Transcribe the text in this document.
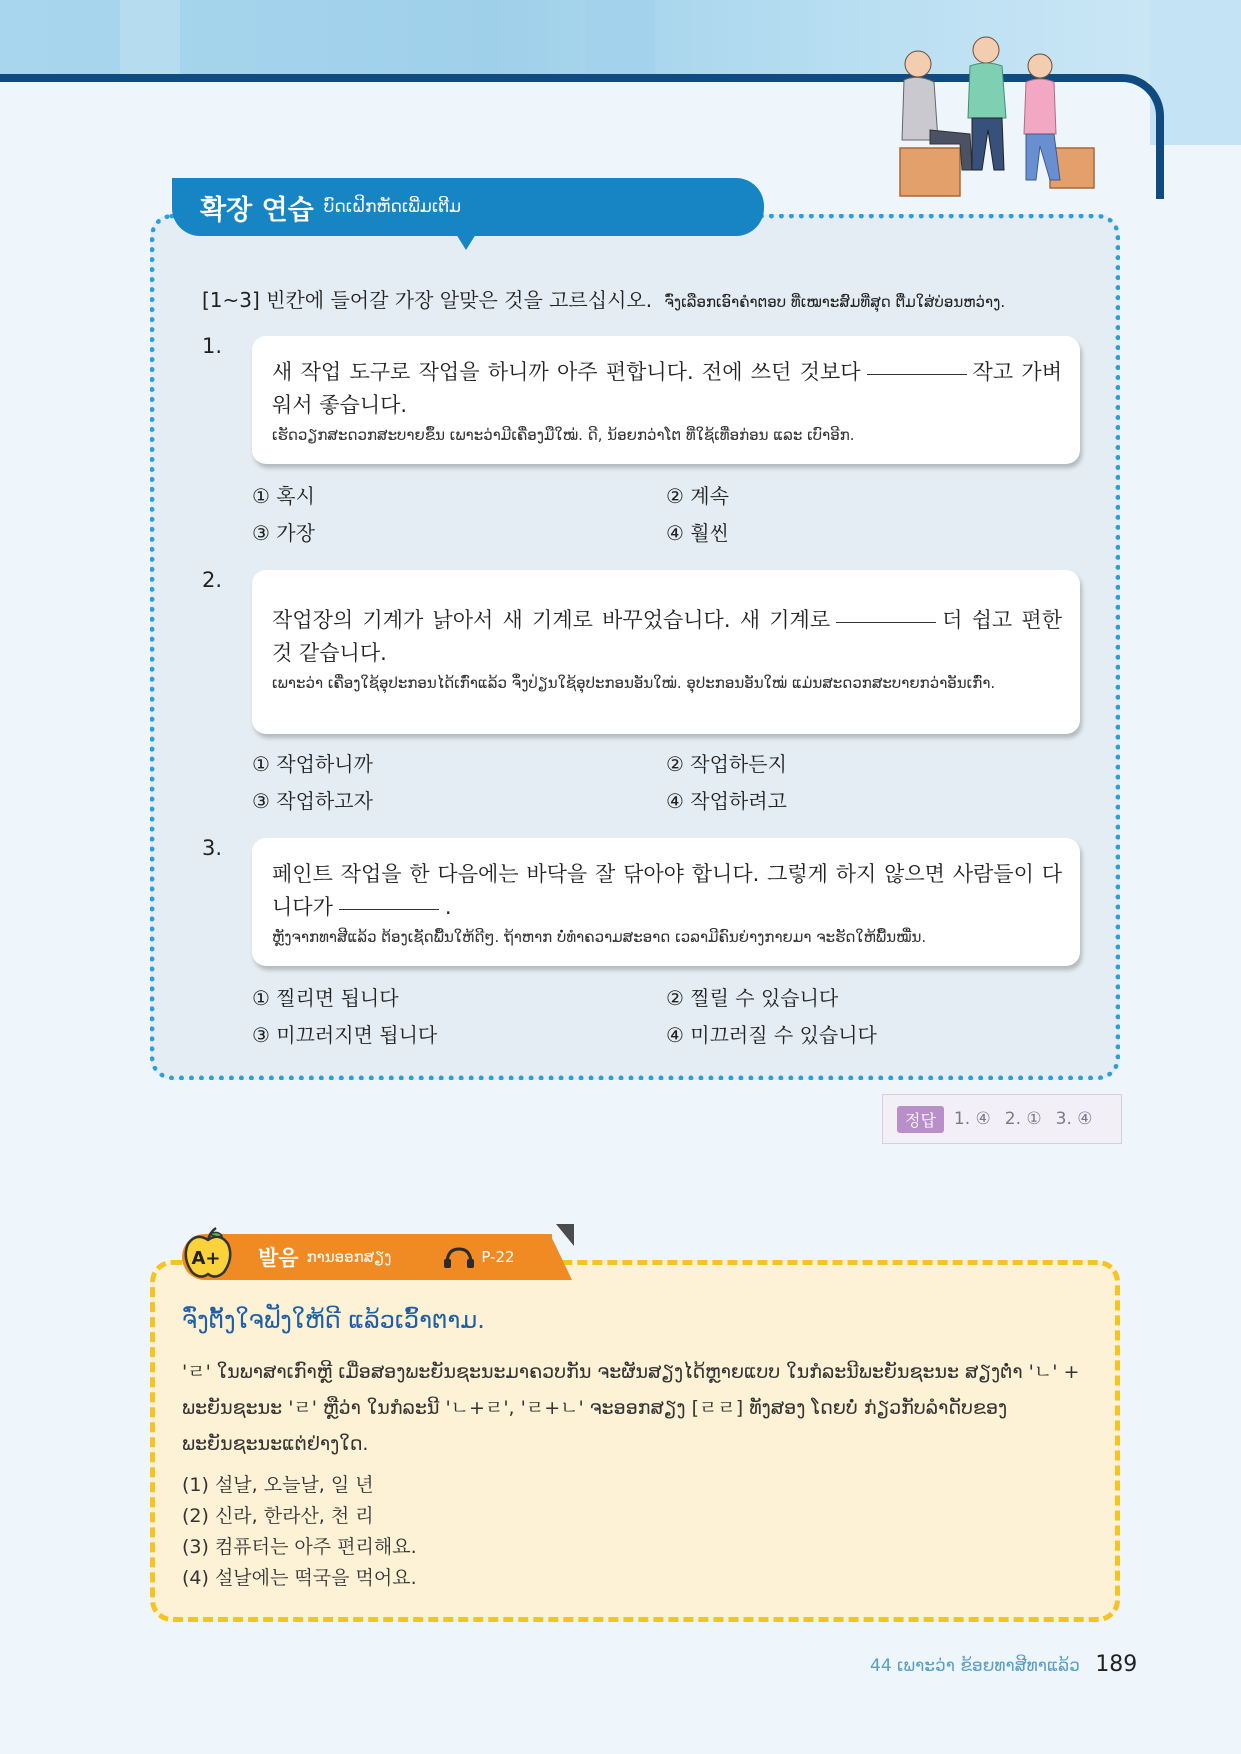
확장 연습 ບົດເຝິກຫັດເພີ່ມເຕີມ
[1~3] 빈칸에 들어갈 가장 알맞은 것을 고르십시오. ຈົ່ງເລືອກເອົາຄໍາຕອບ ທີ່ເໝາະສົມທີ່ສຸດ ຕື່ມໃສ່ບ່ອນຫວ່າງ.
1.
새 작업 도구로 작업을 하니까 아주 편합니다. 전에 쓰던 것보다	작고 가벼워서 좋습니다.
ເຮັດວຽກສະດວກສະບາຍຂຶ້ນ ເພາະວ່າມີເຄື່ອງມືໃໝ່. ດີ, ນ້ອຍກວ່າໂຕ ທີ່ໃຊ້ເທື່ອກ່ອນ ແລະ ເບົາອີກ.
① 혹시	② 계속
③ 가장	④ 훨씬
2.
작업장의 기계가 낡아서 새 기계로 바꾸었습니다. 새 기계로	더 쉽고 편한 것 같습니다.
ເພາະວ່າ ເຄື່ອງໃຊ້ອຸປະກອນໄດ້ເກົ່າແລ້ວ ຈຶ່ງປ່ຽນໃຊ້ອຸປະກອນອັນໃໝ່. ອຸປະກອນອັນໃໝ່ ແມ່ນສະດວກສະບາຍກວ່າອັນເກົ່າ.
① 작업하니까	② 작업하든지
③ 작업하고자	④ 작업하려고
3.
페인트 작업을 한 다음에는 바닥을 잘 닦아야 합니다. 그렇게 하지 않으면 사람들이 다니다가	.
ຫຼັງຈາກທາສີແລ້ວ ຕ້ອງເຊັດພື້ນໃຫ້ດີໆ. ຖ້າຫາກ ບໍ່ທຳຄວາມສະອາດ ເວລາມີຄົນຍ່າງກາຍມາ ຈະຮັດໃຫ້ພື້ນໝື່ນ.
① 찔리면 됩니다	② 찔릴 수 있습니다
③ 미끄러지면 됩니다	④ 미끄러질 수 있습니다
정답	1. ④ 2. ① 3. ④
발음 ການອອກສຽງ	P-22
A+
ຈົ່ງຕັ້ງໃຈຟັງໃຫ້ດີ ແລ້ວເວົ້າຕາມ.
'ㄹ' ໃນພາສາເກົາຫຼີ ເມື່ອສອງພະຍັນຊະນະມາຄວບກັນ ຈະຜັນສຽງໄດ້ຫຼາຍແບບ ໃນກໍລະນີພະຍັນຊະນະ ສຽງຕໍ່າ 'ㄴ' + ພະຍັນຊະນະ 'ㄹ' ຫຼືວ່າ ໃນກໍລະນີ 'ㄴ+ㄹ', 'ㄹ+ㄴ' ຈະອອກສຽງ [ㄹㄹ] ທັງສອງ ໂດຍບໍ່ ກ່ຽວກັບລໍາດັບຂອງພະຍັນຊະນະແຕ່ຢ່າງໃດ.
(1) 설날, 오늘날, 일 년
(2) 신라, 한라산, 천 리
(3) 컴퓨터는 아주 편리해요.
(4) 설날에는 떡국을 먹어요.
44 ເພາະວ່າ ຂ້ອຍທາສີທາແລ້ວ 189
